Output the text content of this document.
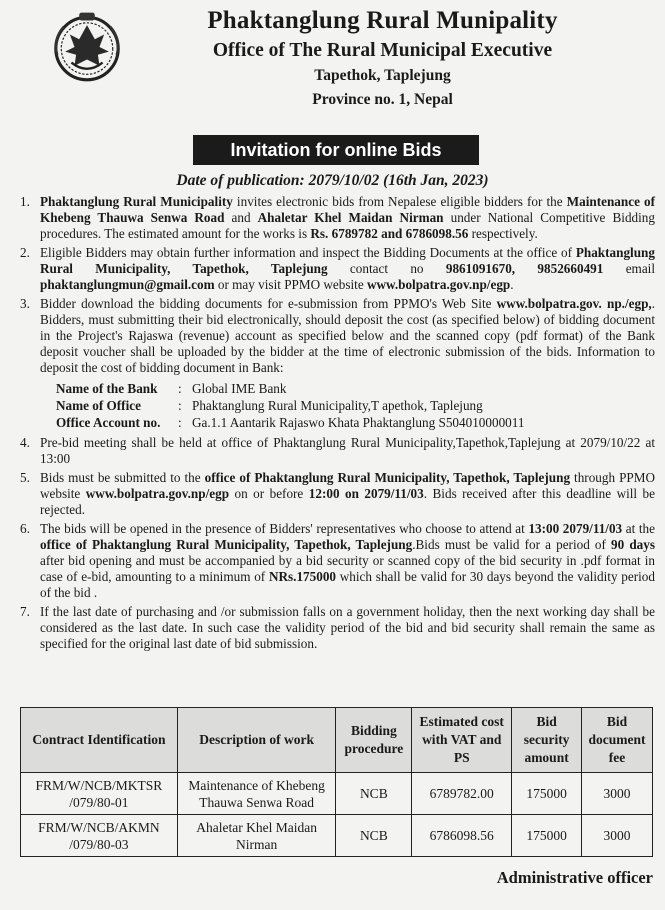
Phaktanglung Rural Munipality
Office of The Rural Municipal Executive
Tapethok, Taplejung
Province no. 1, Nepal
Invitation for online Bids
Date of publication: 2079/10/02 (16th Jan, 2023)
1. Phaktanglung Rural Municipality invites electronic bids from Nepalese eligible bidders for the Maintenance of Khebeng Thauwa Senwa Road and Ahaletar Khel Maidan Nirman under National Competitive Bidding procedures. The estimated amount for the works is Rs. 6789782 and 6786098.56 respectively.
2. Eligible Bidders may obtain further information and inspect the Bidding Documents at the office of Phaktanglung Rural Municipality, Tapethok, Taplejung contact no 9861091670, 9852660491 email phaktanglungmun@gmail.com or may visit PPMO website www.bolpatra.gov.np/egp.
3. Bidder download the bidding documents for e-submission from PPMO's Web Site www.bolpatra.gov. np./egp,. Bidders, must submitting their bid electronically, should deposit the cost (as specified below) of bidding document in the Project's Rajaswa (revenue) account as specified below and the scanned copy (pdf format) of the Bank deposit voucher shall be uploaded by the bidder at the time of electronic submission of the bids. Information to deposit the cost of bidding document in Bank:
Name of the Bank	: Global IME Bank
Name of Office	: Phaktanglung Rural Municipality,T apethok, Taplejung
Office Account no.	: Ga.1.1 Aantarik Rajaswo Khata Phaktanglung S504010000011
4. Pre-bid meeting shall be held at office of Phaktanglung Rural Municipality,Tapethok,Taplejung at 2079/10/22 at 13:00
5. Bids must be submitted to the office of Phaktanglung Rural Municipality, Tapethok, Taplejung through PPMO website www.bolpatra.gov.np/egp on or before 12:00 on 2079/11/03. Bids received after this deadline will be rejected.
6. The bids will be opened in the presence of Bidders' representatives who choose to attend at 13:00 2079/11/03 at the office of Phaktanglung Rural Municipality, Tapethok, Taplejung.Bids must be valid for a period of 90 days after bid opening and must be accompanied by a bid security or scanned copy of the bid security in .pdf format in case of e-bid, amounting to a minimum of NRs.175000 which shall be valid for 30 days beyond the validity period of the bid .
7. If the last date of purchasing and /or submission falls on a government holiday, then the next working day shall be considered as the last date. In such case the validity period of the bid and bid security shall remain the same as specified for the original last date of bid submission.
Contract Identification	Description of work	Bidding procedure	Estimated cost with VAT and PS	Bid security amount	Bid document fee
FRM/W/NCB/MKTSR /079/80-01	Maintenance of Khebeng Thauwa Senwa Road	NCB	6789782.00	175000	3000
FRM/W/NCB/AKMN /079/80-03	Ahaletar Khel Maidan Nirman	NCB	6786098.56	175000	3000
Administrative officer
